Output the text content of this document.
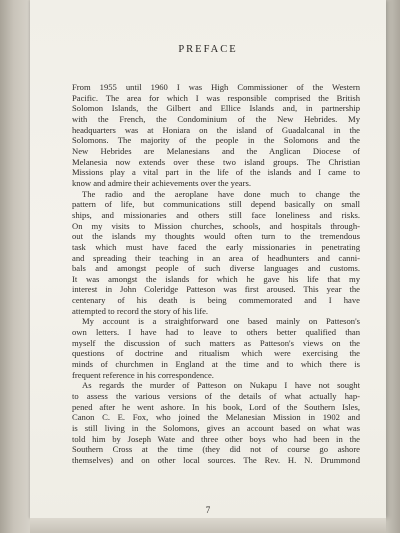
PREFACE
From 1955 until 1960 I was High Commissioner of the Western
Pacific. The area for which I was responsible comprised the British
Solomon Islands, the Gilbert and Ellice Islands and, in partnership
with the French, the Condominium of the New Hebrides. My
headquarters was at Honiara on the island of Guadalcanal in the
Solomons. The majority of the people in the Solomons and the
New Hebrides are Melanesians and the Anglican Diocese of
Melanesia now extends over these two island groups. The Christian
Missions play a vital part in the life of the islands and I came to
know and admire their achievements over the years.
The radio and the aeroplane have done much to change the
pattern of life, but communications still depend basically on small
ships, and missionaries and others still face loneliness and risks.
On my visits to Mission churches, schools, and hospitals through-
out the islands my thoughts would often turn to the tremendous
task which must have faced the early missionaries in penetrating
and spreading their teaching in an area of headhunters and canni-
bals and amongst people of such diverse languages and customs.
It was amongst the islands for which he gave his life that my
interest in John Coleridge Patteson was first aroused. This year the
centenary of his death is being commemorated and I have
attempted to record the story of his life.
My account is a straightforward one based mainly on Patteson's
own letters. I have had to leave to others better qualified than
myself the discussion of such matters as Patteson's views on the
questions of doctrine and ritualism which were exercising the
minds of churchmen in England at the time and to which there is
frequent reference in his correspondence.
As regards the murder of Patteson on Nukapu I have not sought
to assess the various versions of the details of what actually hap-
pened after he went ashore. In his book, Lord of the Southern Isles,
Canon C. E. Fox, who joined the Melanesian Mission in 1902 and
is still living in the Solomons, gives an account based on what was
told him by Joseph Wate and three other boys who had been in the
Southern Cross at the time (they did not of course go ashore
themselves) and on other local sources. The Rev. H. N. Drummond
7
